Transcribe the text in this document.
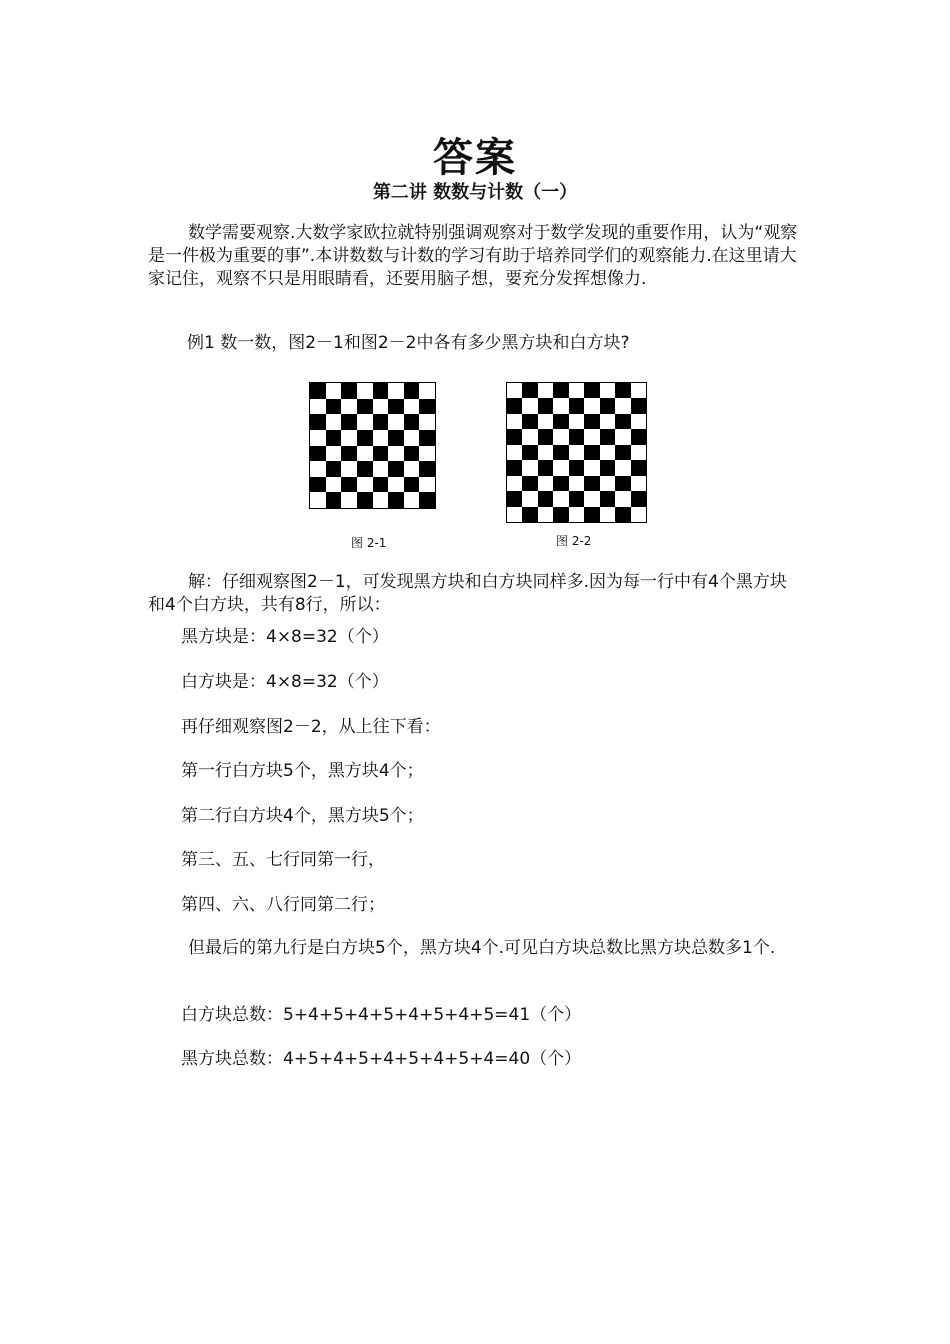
答案
第二讲 数数与计数（一）

数学需要观察.大数学家欧拉就特别强调观察对于数学发现的重要作用，认为“观察是一件极为重要的事”.本讲数数与计数的学习有助于培养同学们的观察能力.在这里请大家记住，观察不只是用眼睛看，还要用脑子想，要充分发挥想像力.

例1 数一数，图2－1和图2－2中各有多少黑方块和白方块?

图 2-1	图 2-2

解：仔细观察图2－1，可发现黑方块和白方块同样多.因为每一行中有4个黑方块和4个白方块，共有8行，所以：

黑方块是：4×8=32（个）

白方块是：4×8=32（个）

再仔细观察图2－2，从上往下看：

第一行白方块5个，黑方块4个；

第二行白方块4个，黑方块5个；

第三、五、七行同第一行，

第四、六、八行同第二行；

但最后的第九行是白方块5个，黑方块4个.可见白方块总数比黑方块总数多1个.

白方块总数：5+4+5+4+5+4+5+4+5=41（个）

黑方块总数：4+5+4+5+4+5+4+5+4=40（个）
